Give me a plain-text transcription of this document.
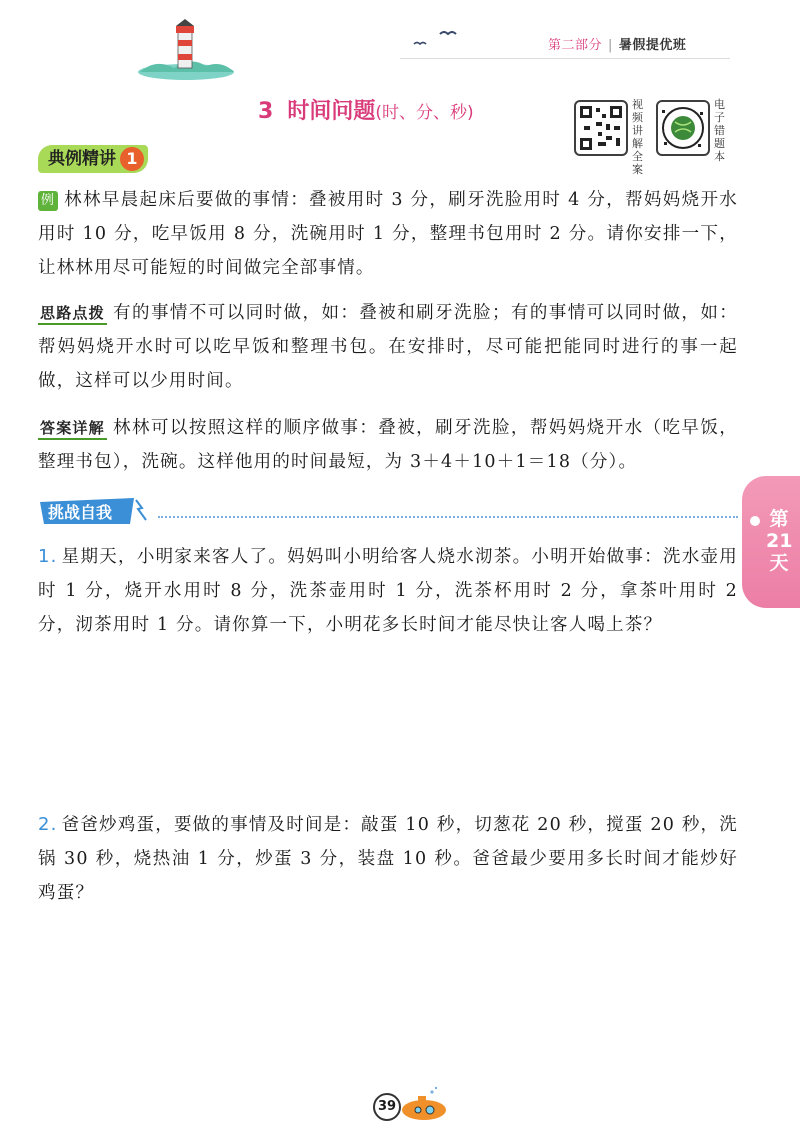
第二部分 | 暑假提优班
3 时间问题(时、分、秒)	视频讲解全案
电子错题本
典例精讲 1
例 林林早晨起床后要做的事情：叠被用时 3 分，刷牙洗脸用时 4 分，帮妈妈烧开水用时 10 分，吃早饭用 8 分，洗碗用时 1 分，整理书包用时 2 分。请你安排一下，让林林用尽可能短的时间做完全部事情。
思路点拨 有的事情不可以同时做，如：叠被和刷牙洗脸；有的事情可以同时做，如：帮妈妈烧开水时可以吃早饭和整理书包。在安排时，尽可能把能同时进行的事一起做，这样可以少用时间。
答案详解 林林可以按照这样的顺序做事：叠被，刷牙洗脸，帮妈妈烧开水（吃早饭，整理书包），洗碗。这样他用的时间最短，为 3＋4＋10＋1＝18（分）。
挑战自我	第21天
1. 星期天，小明家来客人了。妈妈叫小明给客人烧水沏茶。小明开始做事：洗水壶用时 1 分，烧开水用时 8 分，洗茶壶用时 1 分，洗茶杯用时 2 分，拿茶叶用时 2 分，沏茶用时 1 分。请你算一下，小明花多长时间才能尽快让客人喝上茶？
2. 爸爸炒鸡蛋，要做的事情及时间是：敲蛋 10 秒，切葱花 20 秒，搅蛋 20 秒，洗锅 30 秒，烧热油 1 分，炒蛋 3 分，装盘 10 秒。爸爸最少要用多长时间才能炒好鸡蛋？
39
